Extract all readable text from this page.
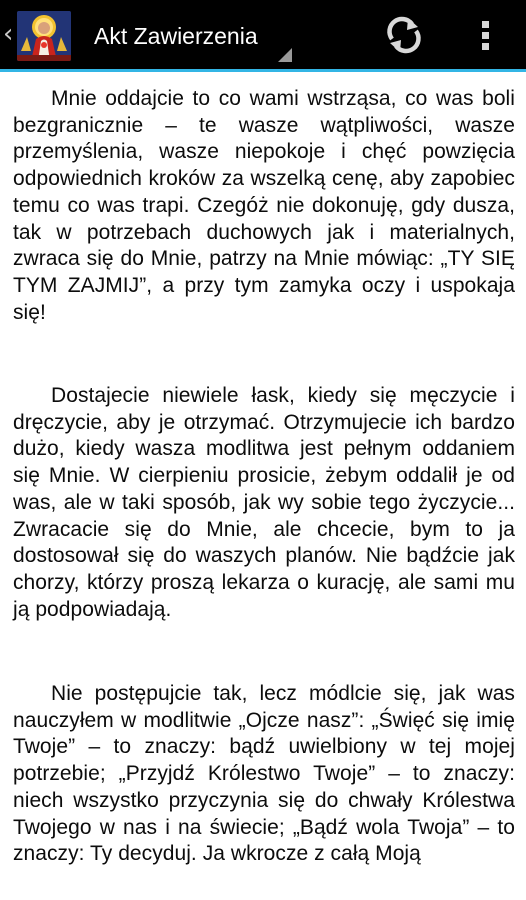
‹	Akt Zawierzenia

Mnie oddajcie to co wami wstrząsa, co was boli bezgranicznie – te wasze wątpliwości, wasze przemyślenia, wasze niepokoje i chęć powzięcia odpowiednich kroków za wszelką cenę, aby zapobiec temu co was trapi. Czegóż nie dokonuję, gdy dusza, tak w potrzebach duchowych jak i materialnych, zwraca się do Mnie, patrzy na Mnie mówiąc: „TY SIĘ TYM ZAJMIJ”, a przy tym zamyka oczy i uspokaja się!

Dostajecie niewiele łask, kiedy się męczycie i dręczycie, aby je otrzymać. Otrzymujecie ich bardzo dużo, kiedy wasza modlitwa jest pełnym oddaniem się Mnie. W cierpieniu prosicie, żebym oddalił je od was, ale w taki sposób, jak wy sobie tego życzycie... Zwracacie się do Mnie, ale chcecie, bym to ja dostosował się do waszych planów. Nie bądźcie jak chorzy, którzy proszą lekarza o kurację, ale sami mu ją podpowiadają.

Nie postępujcie tak, lecz módlcie się, jak was nauczyłem w modlitwie „Ojcze nasz”: „Święć się imię Twoje” – to znaczy: bądź uwielbiony w tej mojej potrzebie; „Przyjdź Królestwo Twoje” – to znaczy: niech wszystko przyczynia się do chwały Królestwa Twojego w nas i na świecie; „Bądź wola Twoja” – to znaczy: Ty decyduj. Ja wkrocze z całą Moją
